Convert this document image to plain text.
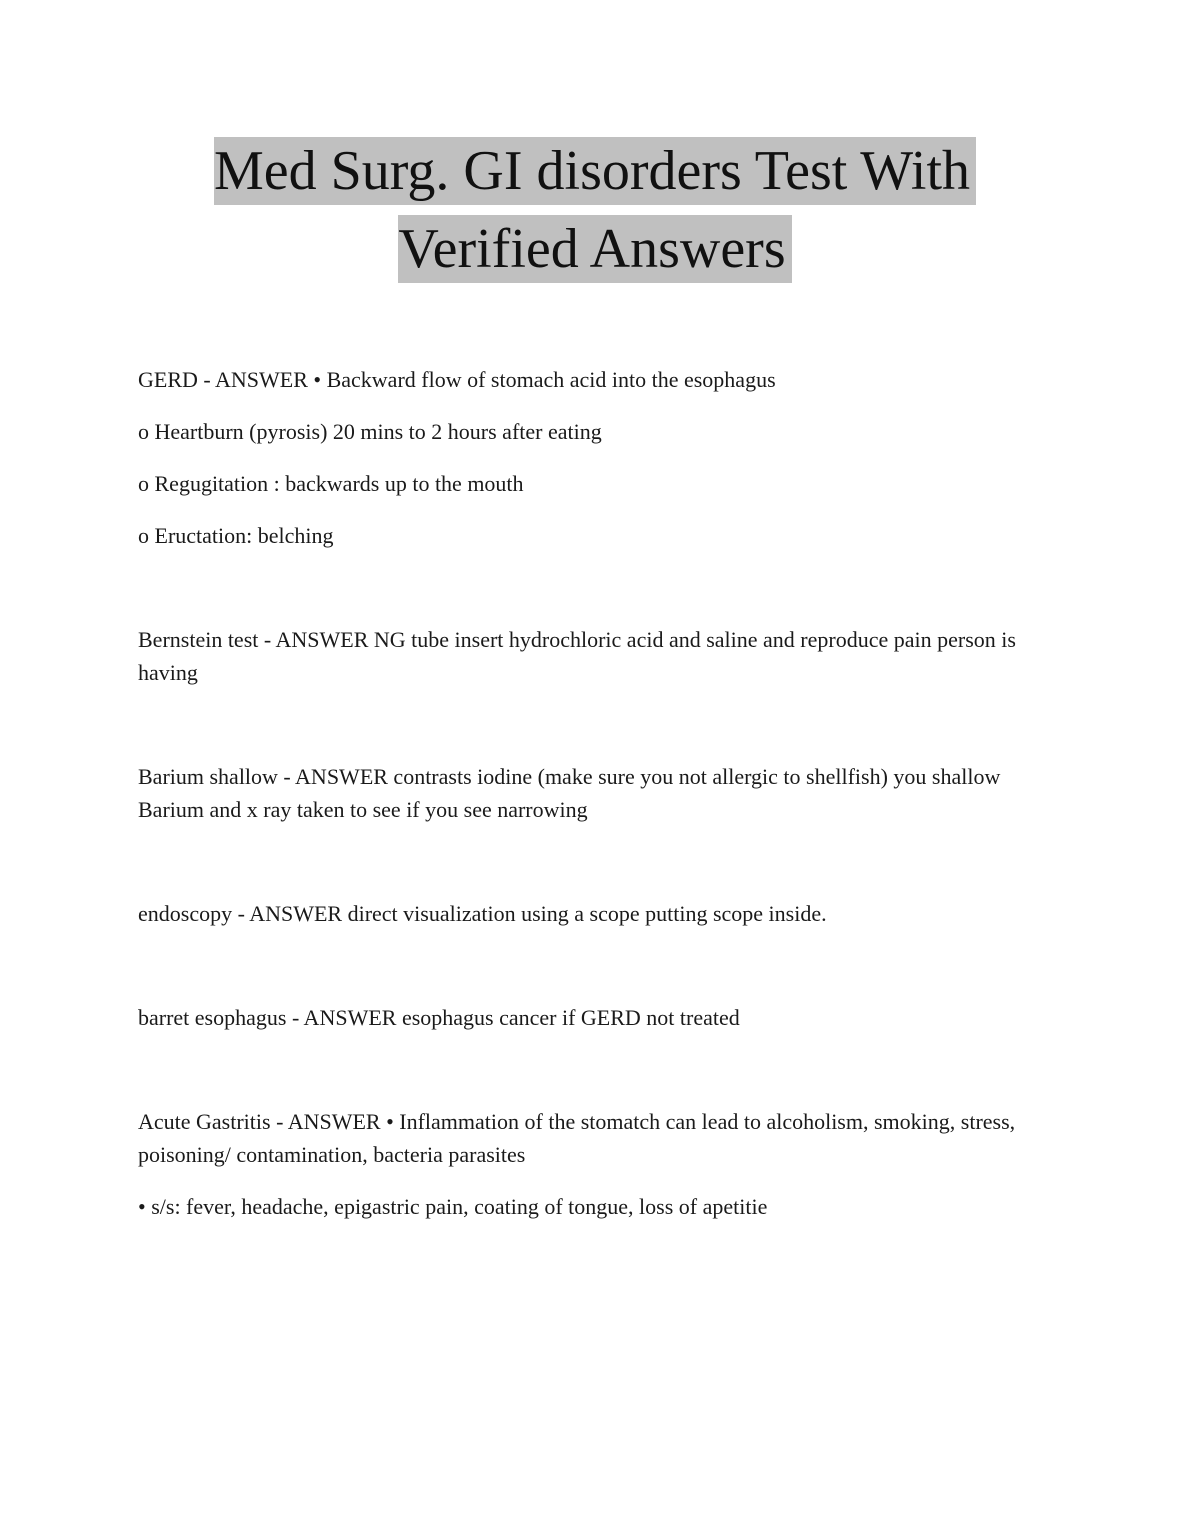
Med Surg. GI disorders Test With
Verified Answers

GERD - ANSWER • Backward flow of stomach acid into the esophagus

o Heartburn (pyrosis) 20 mins to 2 hours after eating

o Regugitation : backwards up to the mouth

o Eructation: belching

Bernstein test - ANSWER NG tube insert hydrochloric acid and saline and reproduce pain person is having

Barium shallow - ANSWER contrasts iodine (make sure you not allergic to shellfish) you shallow Barium and x ray taken to see if you see narrowing

endoscopy - ANSWER direct visualization using a scope putting scope inside.

barret esophagus - ANSWER esophagus cancer if GERD not treated

Acute Gastritis - ANSWER • Inflammation of the stomatch can lead to alcoholism, smoking, stress, poisoning/ contamination, bacteria parasites

• s/s: fever, headache, epigastric pain, coating of tongue, loss of apetitie
